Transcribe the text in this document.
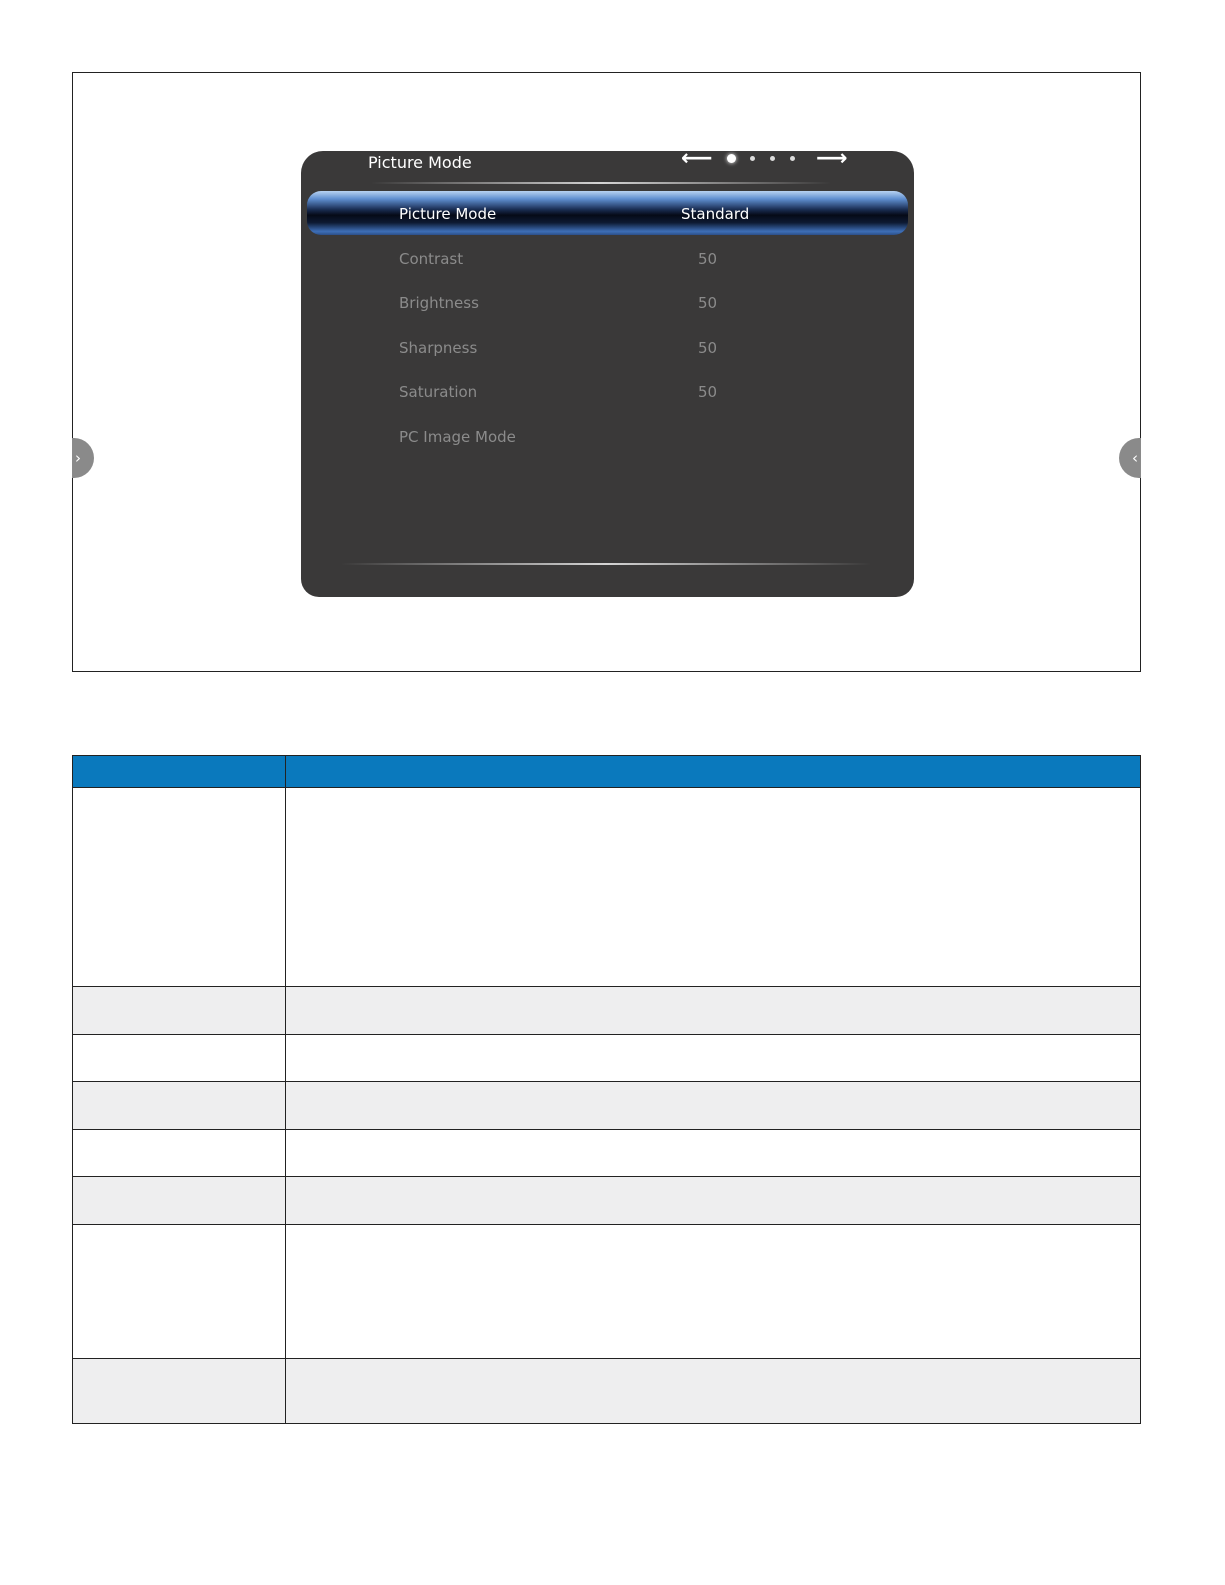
›	‹
Picture Mode	⟵	⟶
Picture Mode	Standard
Contrast	50
Brightness	50
Sharpness	50
Saturation	50
PC Image Mode
